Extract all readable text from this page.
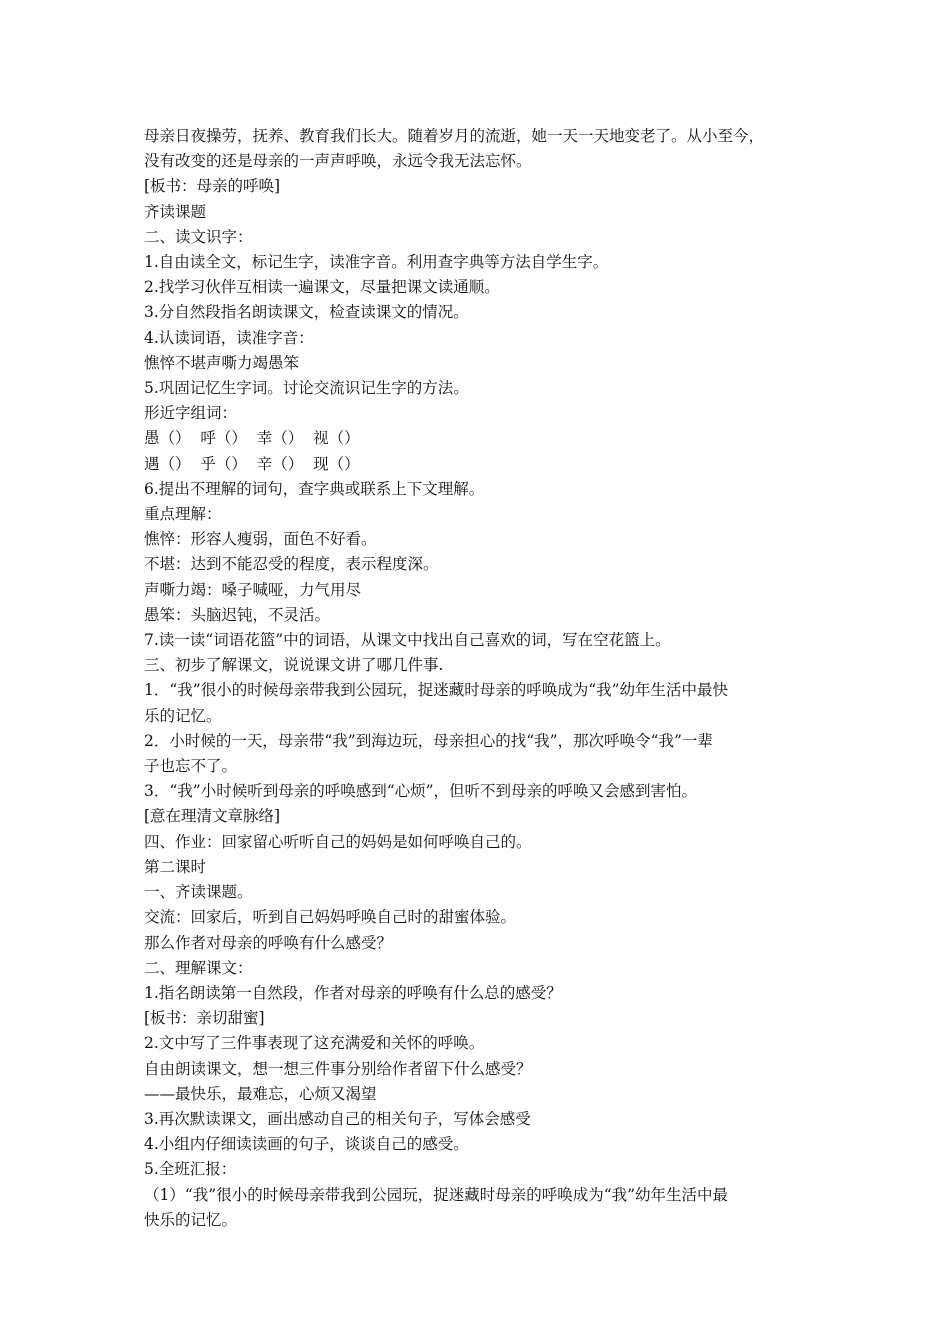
母亲日夜操劳，抚养、教育我们长大。随着岁月的流逝，她一天一天地变老了。从小至今，

没有改变的还是母亲的一声声呼唤，永远令我无法忘怀。

[板书：母亲的呼唤]

齐读课题

二、读文识字：

1.自由读全文，标记生字，读准字音。利用查字典等方法自学生字。

2.找学习伙伴互相读一遍课文，尽量把课文读通顺。

3.分自然段指名朗读课文，检查读课文的情况。

4.认读词语，读准字音：

憔悴不堪声嘶力竭愚笨

5.巩固记忆生字词。讨论交流识记生字的方法。

形近字组词：

愚（）  呼（）  幸（）  视（）

遇（）  乎（）  辛（）  现（）

6.提出不理解的词句，查字典或联系上下文理解。

重点理解：

憔悴：形容人瘦弱，面色不好看。

不堪：达到不能忍受的程度，表示程度深。

声嘶力竭：嗓子喊哑，力气用尽

愚笨：头脑迟钝，不灵活。

7.读一读“词语花篮”中的词语，从课文中找出自己喜欢的词，写在空花篮上。

三、初步了解课文，说说课文讲了哪几件事.

1．“我”很小的时候母亲带我到公园玩，捉迷藏时母亲的呼唤成为“我”幼年生活中最快

乐的记忆。

2．小时候的一天，母亲带“我”到海边玩，母亲担心的找“我”，那次呼唤令“我”一辈

子也忘不了。

3．“我”小时候听到母亲的呼唤感到“心烦”，但听不到母亲的呼唤又会感到害怕。

[意在理清文章脉络]

四、作业：回家留心听听自己的妈妈是如何呼唤自己的。

第二课时

一、齐读课题。

交流：回家后，听到自己妈妈呼唤自己时的甜蜜体验。

那么作者对母亲的呼唤有什么感受？

二、理解课文：

1.指名朗读第一自然段，作者对母亲的呼唤有什么总的感受？

[板书：亲切甜蜜]

2.文中写了三件事表现了这充满爱和关怀的呼唤。

自由朗读课文，想一想三件事分别给作者留下什么感受？

——最快乐，最难忘，心烦又渴望

3.再次默读课文，画出感动自己的相关句子，写体会感受

4.小组内仔细读读画的句子，谈谈自己的感受。

5.全班汇报：

（1）“我”很小的时候母亲带我到公园玩，捉迷藏时母亲的呼唤成为“我”幼年生活中最

快乐的记忆。
